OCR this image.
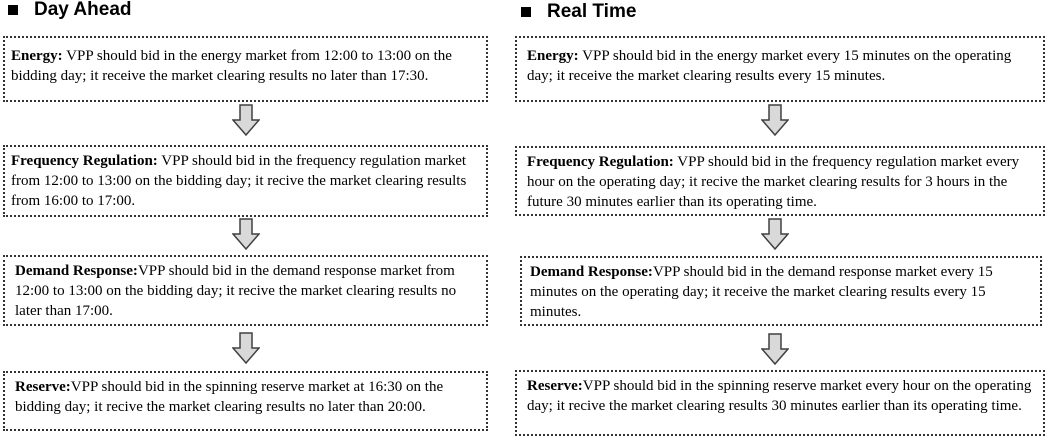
Day Ahead
Energy: VPP should bid in the energy market from 12:00 to 13:00 on the bidding day; it receive the market clearing results no later than 17:30.
Frequency Regulation: VPP should bid in the frequency regulation market from 12:00 to 13:00 on the bidding day; it recive the market clearing results from 16:00 to 17:00.
Demand Response:VPP should bid in the demand response market from 12:00 to 13:00 on the bidding day; it recive the market clearing results no later than 17:00.
Reserve:VPP should bid in the spinning reserve market at 16:30 on the bidding day; it recive the market clearing results no later than 20:00.
Real Time
Energy: VPP should bid in the energy market every 15 minutes on the operating day; it receive the market clearing results every 15 minutes.
Frequency Regulation: VPP should bid in the frequency regulation market every hour on the operating day; it recive the market clearing results for 3 hours in the future 30 minutes earlier than its operating time.
Demand Response:VPP should bid in the demand response market every 15 minutes on the operating day; it receive the market clearing results every 15 minutes.
Reserve:VPP should bid in the spinning reserve market every hour on the operating day; it recive the market clearing results 30 minutes earlier than its operating time.
